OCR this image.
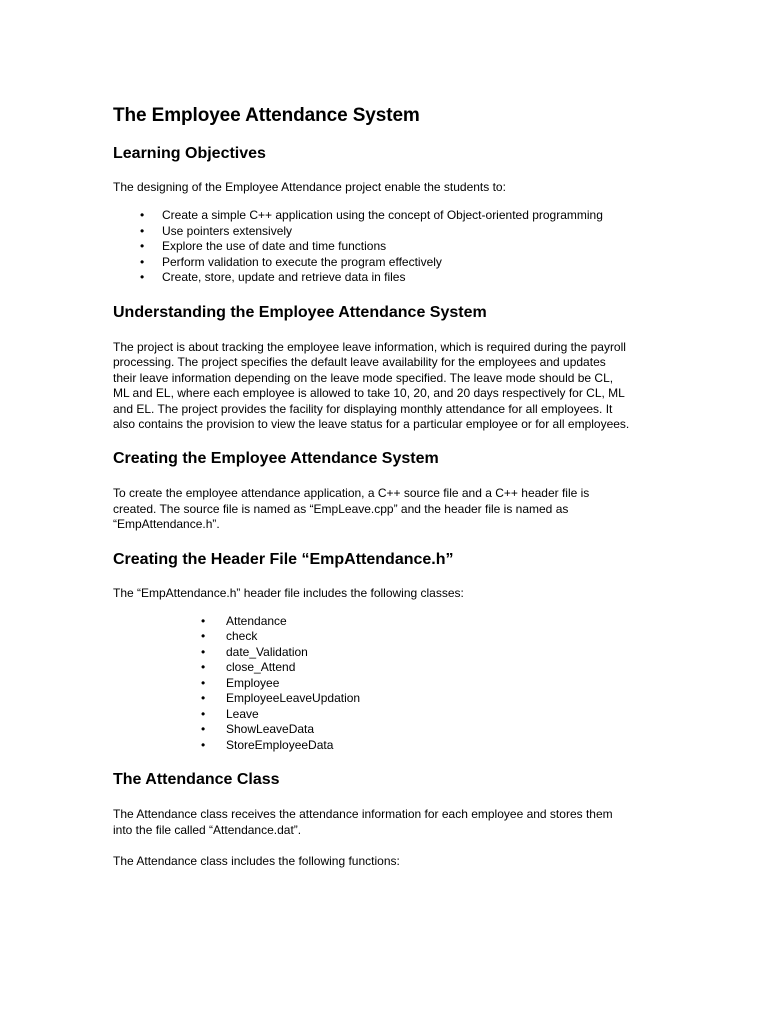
The Employee Attendance System
Learning Objectives

The designing of the Employee Attendance project enable the students to:

• Create a simple C++ application using the concept of Object-oriented programming
• Use pointers extensively
• Explore the use of date and time functions
• Perform validation to execute the program effectively
• Create, store, update and retrieve data in files
Understanding the Employee Attendance System

The project is about tracking the employee leave information, which is required during the payroll
processing. The project specifies the default leave availability for the employees and updates
their leave information depending on the leave mode specified. The leave mode should be CL,
ML and EL, where each employee is allowed to take 10, 20, and 20 days respectively for CL, ML
and EL. The project provides the facility for displaying monthly attendance for all employees. It
also contains the provision to view the leave status for a particular employee or for all employees.

Creating the Employee Attendance System

To create the employee attendance application, a C++ source file and a C++ header file is
created. The source file is named as “EmpLeave.cpp” and the header file is named as
“EmpAttendance.h”.

Creating the Header File “EmpAttendance.h”

The “EmpAttendance.h” header file includes the following classes:

• Attendance
• check
• date_Validation
• close_Attend
• Employee
• EmployeeLeaveUpdation
• Leave
• ShowLeaveData
• StoreEmployeeData
The Attendance Class

The Attendance class receives the attendance information for each employee and stores them
into the file called “Attendance.dat”.

The Attendance class includes the following functions:
